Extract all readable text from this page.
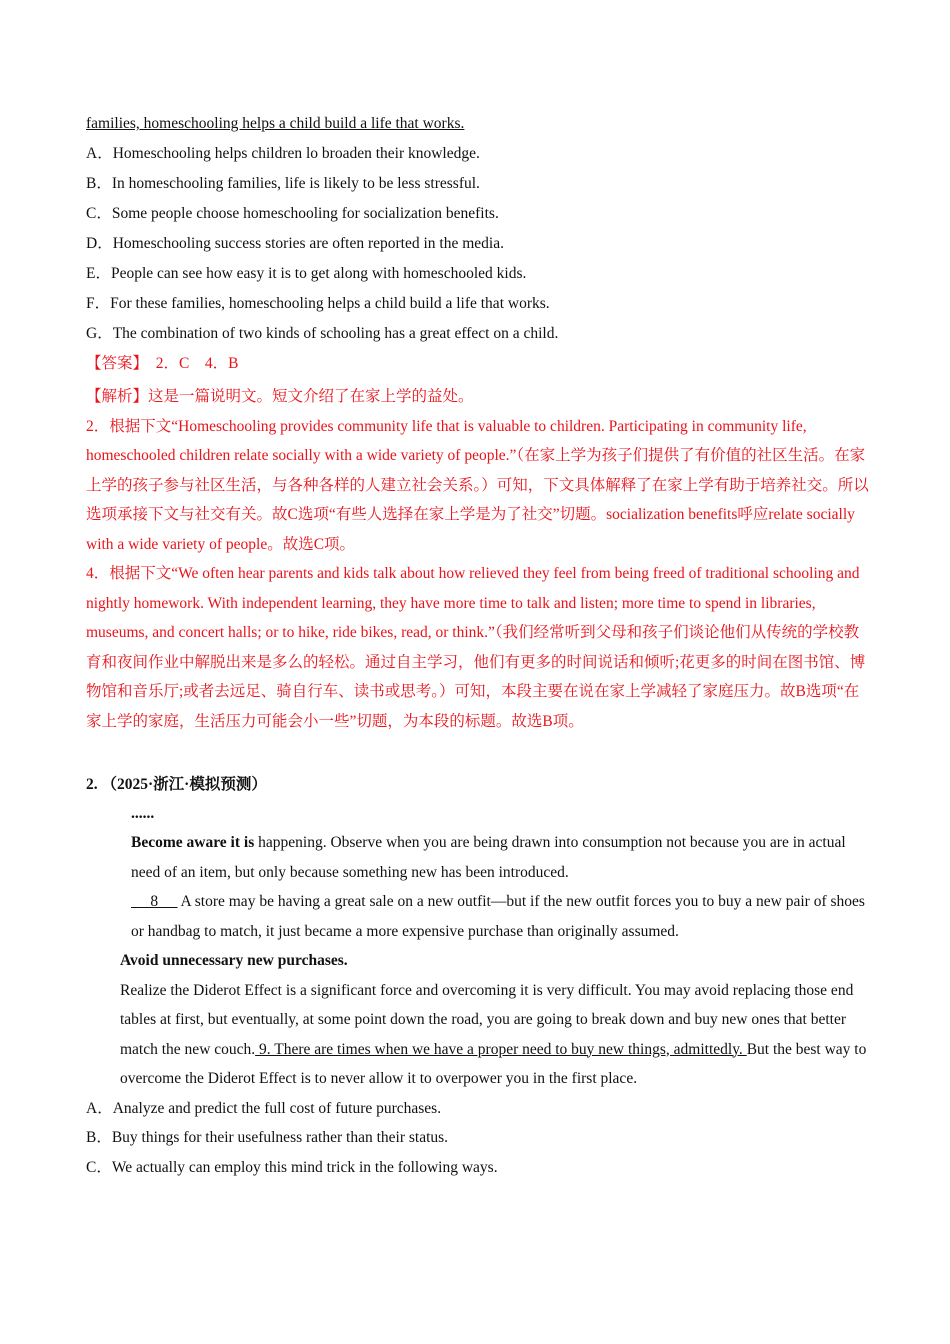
families, homeschooling helps a child build a life that works.

A．Homeschooling helps children lo broaden their knowledge.

B．In homeschooling families, life is likely to be less stressful.

C．Some people choose homeschooling for socialization benefits.

D．Homeschooling success stories are often reported in the media.

E．People can see how easy it is to get along with homeschooled kids.

F．For these families, homeschooling helps a child build a life that works.

G．The combination of two kinds of schooling has a great effect on a child.

【答案】　2．C　4．B

【解析】这是一篇说明文。短文介绍了在家上学的益处。

2．根据下文“Homeschooling provides community life that is valuable to children. Participating in community life, homeschooled children relate socially with a wide variety of people.”（在家上学为孩子们提供了有价值的社区生活。在家上学的孩子参与社区生活，与各种各样的人建立社会关系。）可知，下文具体解释了在家上学有助于培养社交。所以选项承接下文与社交有关。故C选项“有些人选择在家上学是为了社交”切题。socialization benefits呼应relate socially with a wide variety of people。故选C项。

4．根据下文“We often hear parents and kids talk about how relieved they feel from being freed of traditional schooling and nightly homework. With independent learning, they have more time to talk and listen; more time to spend in libraries, museums, and concert halls; or to hike, ride bikes, read, or think.”（我们经常听到父母和孩子们谈论他们从传统的学校教育和夜间作业中解脱出来是多么的轻松。通过自主学习，他们有更多的时间说话和倾听;花更多的时间在图书馆、博物馆和音乐厅;或者去远足、骑自行车、读书或思考。）可知，本段主要在说在家上学减轻了家庭压力。故B选项“在家上学的家庭，生活压力可能会小一些”切题，为本段的标题。故选B项。

2. （2025·浙江·模拟预测）

......

Become aware it is happening. Observe when you are being drawn into consumption not because you are in actual need of an item, but only because something new has been introduced.

　 8　  A store may be having a great sale on a new outfit—but if the new outfit forces you to buy a new pair of shoes or handbag to match, it just became a more expensive purchase than originally assumed.

Avoid unnecessary new purchases.

Realize the Diderot Effect is a significant force and overcoming it is very difficult. You may avoid replacing those end tables at first, but eventually, at some point down the road, you are going to break down and buy new ones that better match the new couch. 9. There are times when we have a proper need to buy new things, admittedly. But the best way to overcome the Diderot Effect is to never allow it to overpower you in the first place.

A．Analyze and predict the full cost of future purchases.

B．Buy things for their usefulness rather than their status.

C．We actually can employ this mind trick in the following ways.
